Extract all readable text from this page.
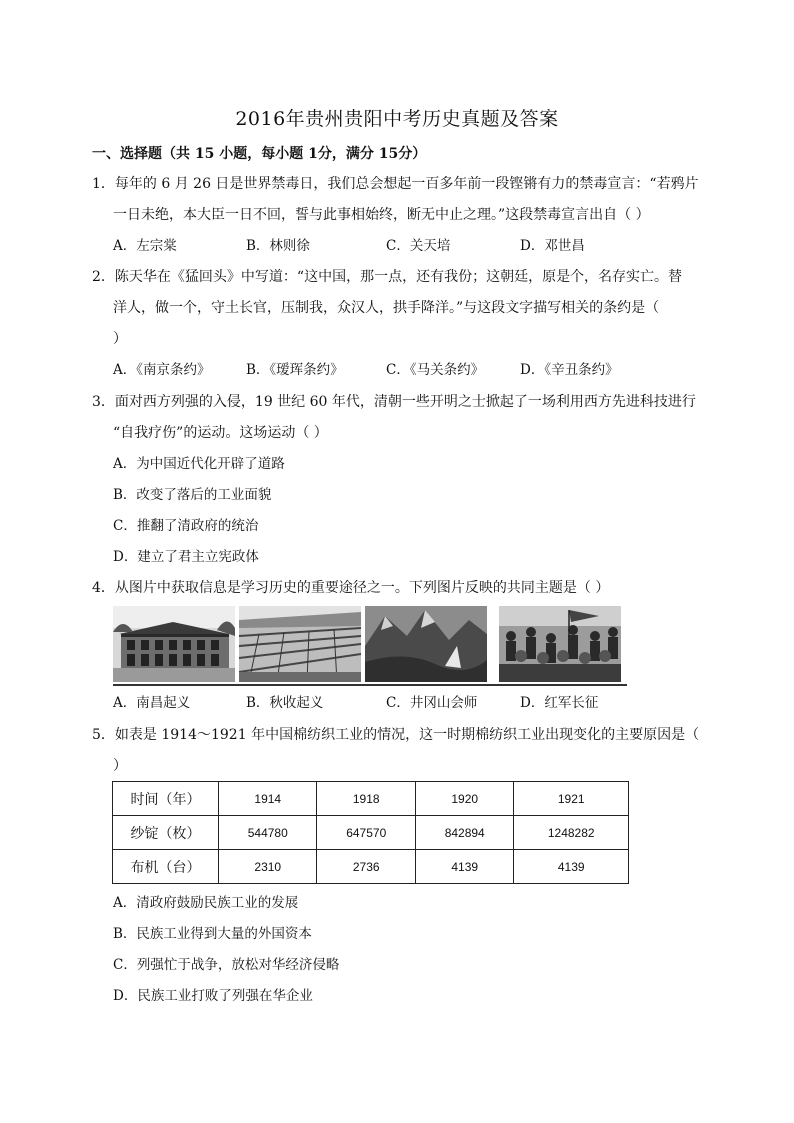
2016年贵州贵阳中考历史真题及答案
一、选择题（共 15 小题，每小题 1分，满分 15分）
1．每年的 6 月 26 日是世界禁毒日，我们总会想起一百多年前一段铿锵有力的禁毒宣言：“若鸦片
一日未绝，本大臣一日不回，誓与此事相始终，断无中止之理。”这段禁毒宣言出自（ ）
A．左宗棠	B．林则徐	C．关天培	D．邓世昌
2．陈天华在《猛回头》中写道：“这中国，那一点，还有我份；这朝廷，原是个，名存实亡。替
洋人，做一个，守土长官，压制我，众汉人，拱手降洋。”与这段文字描写相关的条约是（
）
A．《南京条约》	B．《瑷珲条约》	C．《马关条约》	D．《辛丑条约》
3．面对西方列强的入侵，19 世纪 60 年代，清朝一些开明之士掀起了一场利用西方先进科技进行
“自我疗伤”的运动。这场运动（ ）
A．为中国近代化开辟了道路
B．改变了落后的工业面貌
C．推翻了清政府的统治
D．建立了君主立宪政体
4．从图片中获取信息是学习历史的重要途径之一。下列图片反映的共同主题是（ ）
A．南昌起义	B．秋收起义	C．井冈山会师	D．红军长征
5．如表是 1914～1921 年中国棉纺织工业的情况，这一时期棉纺织工业出现变化的主要原因是（
）
时间（年）	1914	1918	1920	1921
纱锭（枚）	544780	647570	842894	1248282
布机（台）	2310	2736	4139	4139
A．清政府鼓励民族工业的发展
B．民族工业得到大量的外国资本
C．列强忙于战争，放松对华经济侵略
D．民族工业打败了列强在华企业
